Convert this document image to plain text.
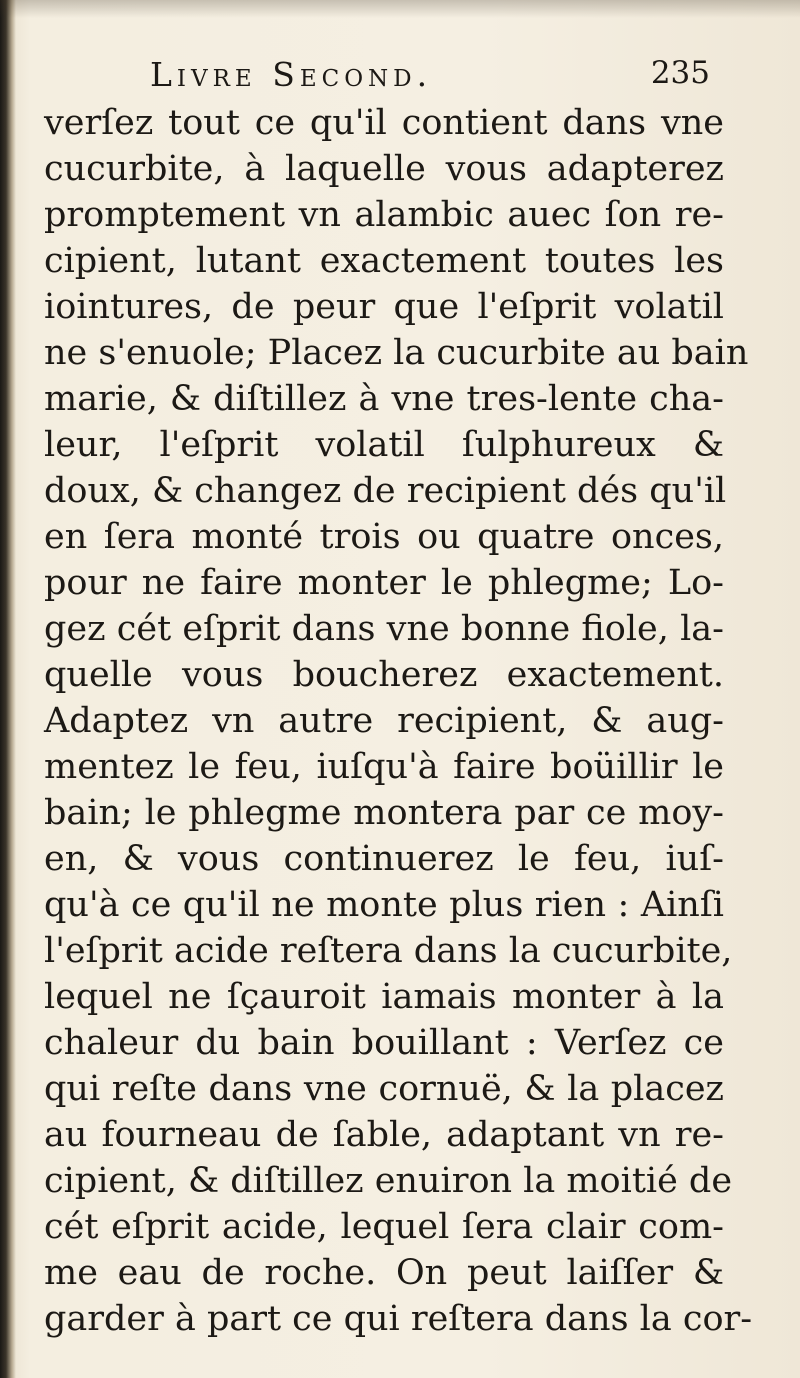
Livre Second.	235
verſez tout ce qu'il contient dans vne
cucurbite, à laquelle vous adapterez
promptement vn alambic auec ſon re-
cipient, lutant exactement toutes les
iointures, de peur que l'eſprit volatil
ne s'enuole; Placez la cucurbite au bain
marie, & diſtillez à vne tres-lente cha-
leur, l'eſprit volatil ſulphureux &
doux, & changez de recipient dés qu'il
en ſera monté trois ou quatre onces,
pour ne faire monter le phlegme; Lo-
gez cét eſprit dans vne bonne fiole, la-
quelle vous boucherez exactement.
Adaptez vn autre recipient, & aug-
mentez le feu, iuſqu'à faire boüillir le
bain; le phlegme montera par ce moy-
en, & vous continuerez le feu, iuſ-
qu'à ce qu'il ne monte plus rien : Ainſi
l'eſprit acide reſtera dans la cucurbite,
lequel ne ſçauroit iamais monter à la
chaleur du bain bouillant : Verſez ce
qui reſte dans vne cornuë, & la placez
au fourneau de ſable, adaptant vn re-
cipient, & diſtillez enuiron la moitié de
cét eſprit acide, lequel ſera clair com-
me eau de roche. On peut laiſſer &
garder à part ce qui reſtera dans la cor-
